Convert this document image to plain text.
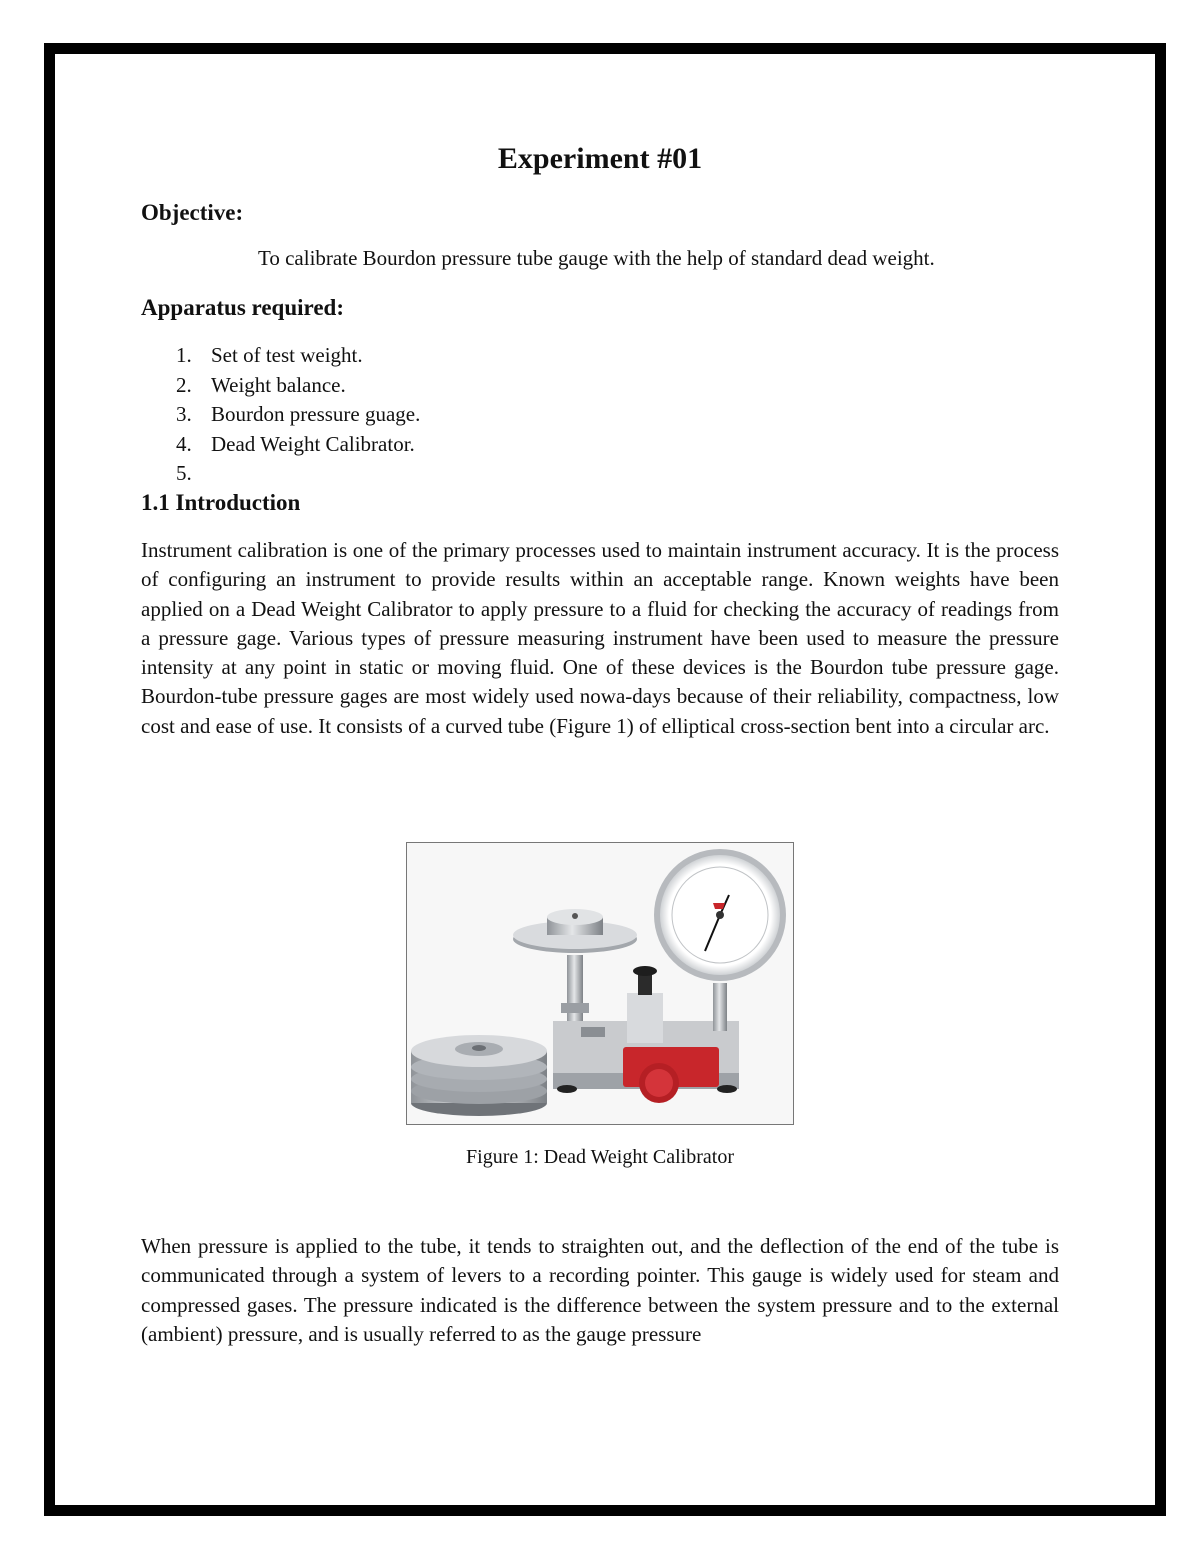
Experiment #01
Objective:
To calibrate Bourdon pressure tube gauge with the help of standard dead weight.
Apparatus required:
1. Set of test weight.
2. Weight balance.
3. Bourdon pressure guage.
4. Dead Weight Calibrator.
5.
1.1 Introduction

Instrument calibration is one of the primary processes used to maintain instrument accuracy. It is the process of configuring an instrument to provide results within an acceptable range. Known weights have been applied on a Dead Weight Calibrator to apply pressure to a fluid for checking the accuracy of readings from a pressure gage. Various types of pressure measuring instrument have been used to measure the pressure intensity at any point in static or moving fluid. One of these devices is the Bourdon tube pressure gage. Bourdon-tube pressure gages are most widely used nowa-days because of their reliability, compactness, low cost and ease of use. It consists of a curved tube (Figure 1) of elliptical cross-section bent into a circular arc.

Figure 1: Dead Weight Calibrator

When pressure is applied to the tube, it tends to straighten out, and the deflection of the end of the tube is communicated through a system of levers to a recording pointer. This gauge is widely used for steam and compressed gases. The pressure indicated is the difference between the system pressure and to the external (ambient) pressure, and is usually referred to as the gauge pressure
